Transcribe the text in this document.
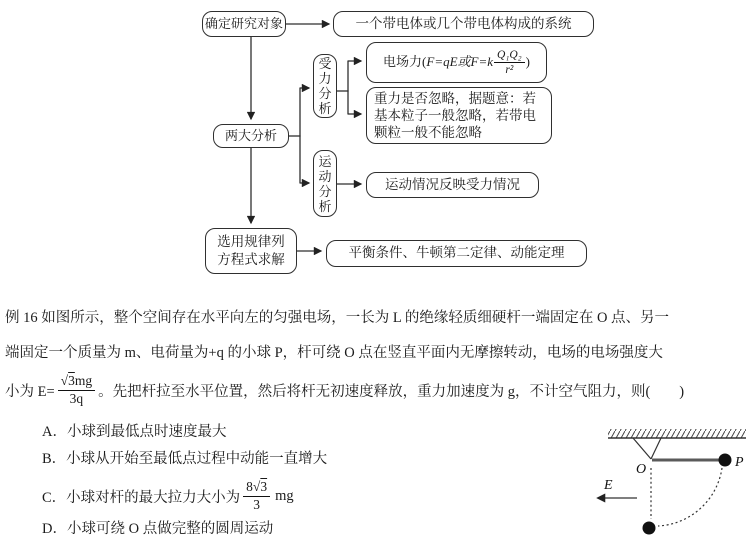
确定研究对象	一个带电体或几个带电体构成的系统
两大分析
受力分析
电场力( F=qE或$F=k \frac{\text{Q₁Q₂}}{\text{r²}}$ )
重力是否忽略，据题意：若基本粒子一般忽略，若带电颗粒一般不能忽略
运动分析
运动情况反映受力情况
选用规律列
方程式求解	平衡条件、牛顿第二定律、动能定理
例 16 如图所示，整个空间存在水平向左的匀强电场，一长为 L 的绝缘轻质细硬杆一端固定在 O 点、另一
端固定一个质量为 m、电荷量为+q 的小球 P，杆可绕 O 点在竖直平面内无摩擦转动，电场的电场强度大
小为 $E= \frac{√3mg}{3q}$ 。先把杆拉至水平位置，然后将杆无初速度释放，重力加速度为 g，不计空气阻力，则(　　)
A．小球到最低点时速度最大
B．小球从开始至最低点过程中动能一直增大
C．小球对杆的最大拉力大小为 $\frac{8√3}{3}$ mg
D．小球可绕 O 点做完整的圆周运动
O	P
E
